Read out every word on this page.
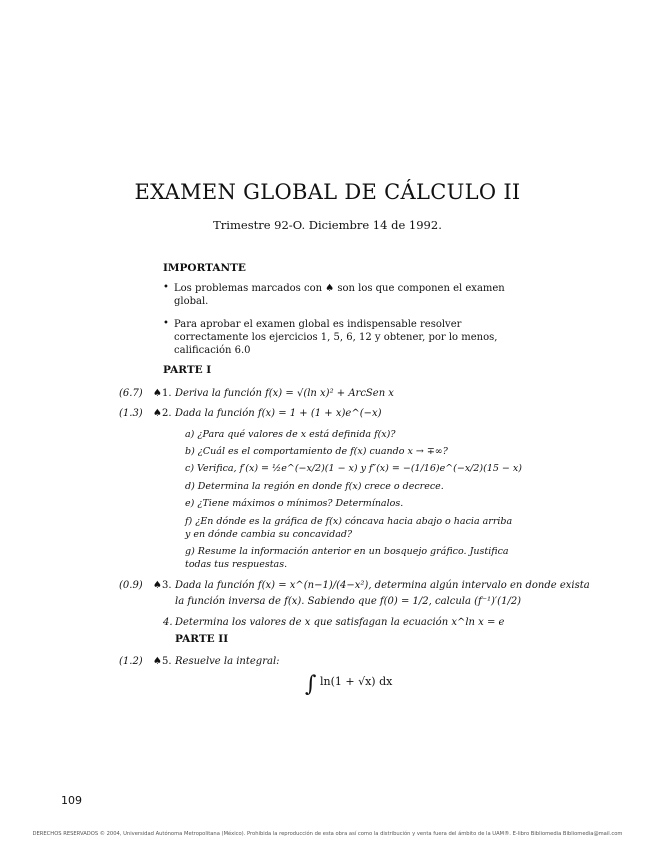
EXAMEN GLOBAL DE CÁLCULO II
Trimestre 92-O. Diciembre 14 de 1992.
IMPORTANTE
• Los problemas marcados con ♠ son los que componen el examen global.
• Para aprobar el examen global es indispensable resolver correctamente los ejercicios 1, 5, 6, 12 y obtener, por lo menos, calificación 6.0
PARTE I
(6.7) ♠1. Deriva la función f(x) = √(ln x)² + ArcSen x
(1.3) ♠2. Dada la función f(x) = 1 + (1 + x)e^(−x)
a) ¿Para qué valores de x está definida f(x)?
b) ¿Cuál es el comportamiento de f(x) cuando x → ∓∞?
c) Verifica, f′(x) = ½e^(−x/2)(1 − x) y f″(x) = −(1/16)e^(−x/2)(15 − x)
d) Determina la región en donde f(x) crece o decrece.
e) ¿Tiene máximos o mínimos? Determínalos.
f) ¿En dónde es la gráfica de f(x) cóncava hacia abajo o hacia arriba y en dónde cambia su concavidad?
g) Resume la información anterior en un bosquejo gráfico. Justifica todas tus respuestas.
(0.9) ♠3. Dada la función f(x) = x^(n−1)/(4−x²), determina algún intervalo en donde exista
la función inversa de f(x). Sabiendo que f(0) = 1/2, calcula (f⁻¹)′(1/2)
4. Determina los valores de x que satisfagan la ecuación x^ln x = e
PARTE II
(1.2) ♠5. Resuelve la integral:
∫ ln(1 + √x) dx
109
DERECHOS RESERVADOS © 2004, Universidad Autónoma Metropolitana (México). Prohibida la reproducción de esta obra así como la distribución y venta fuera del ámbito de la UAM®. E-libro Bibliomedia Bibliomedia@mail.com
